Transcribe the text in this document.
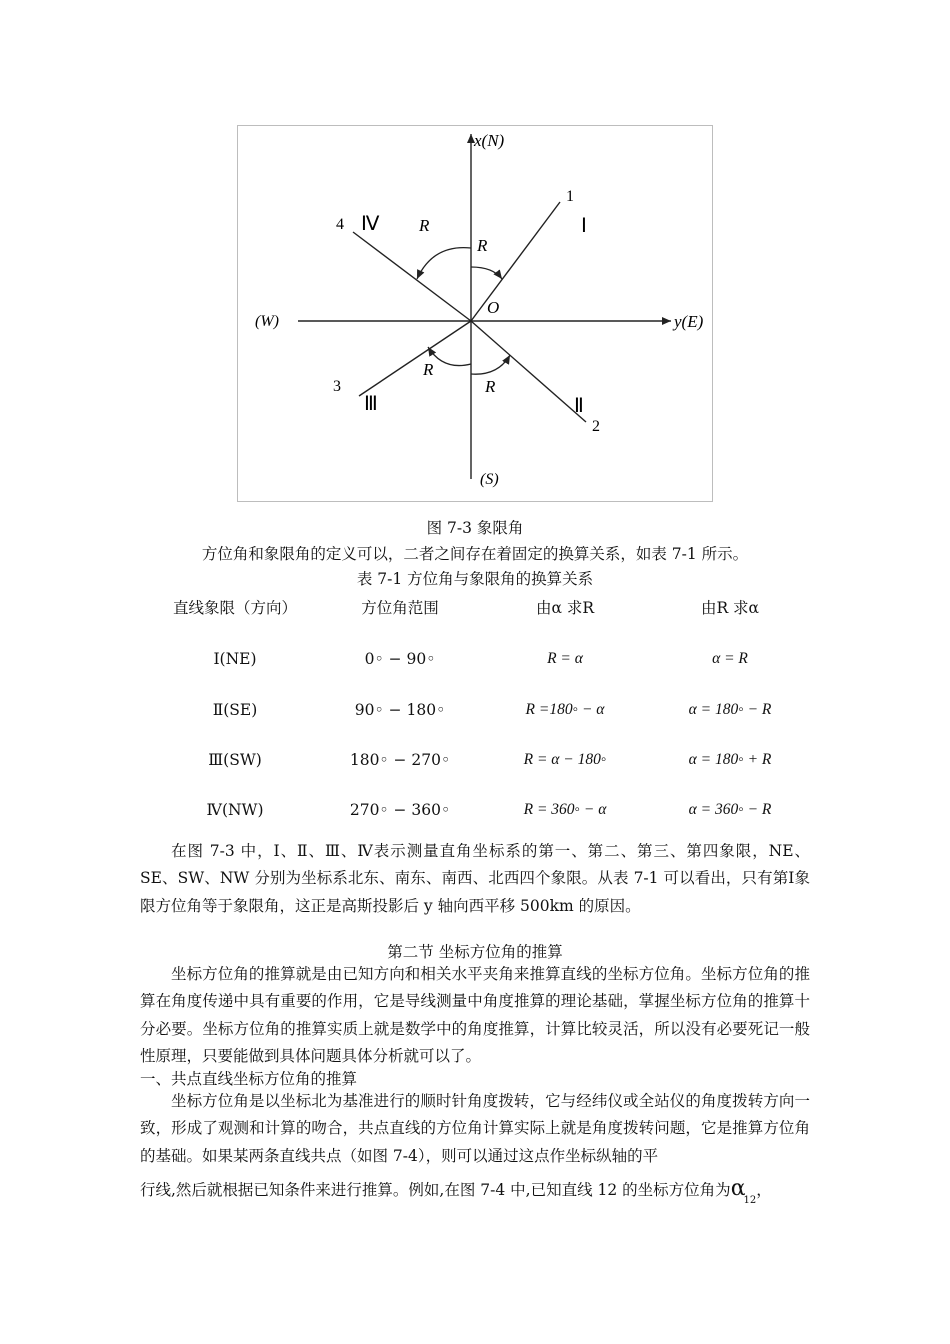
x(N)
y(E)
(W)
(S)
O
R
R
R
R
1
2
3
4	Ⅰ
Ⅱ
Ⅲ
Ⅳ
图 7-3 象限角
方位角和象限角的定义可以，二者之间存在着固定的换算关系，如表 7-1 所示。
表 7-1 方位角与象限角的换算关系
直线象限（方向）	方位角范围	由α 求R	由R 求α
Ⅰ(NE)	0◦ − 90◦	R = α	α = R
Ⅱ(SE)	90◦ − 180◦	R =180◦ − α	α = 180◦ − R
Ⅲ(SW)	180◦ − 270◦	R = α − 180◦	α = 180◦ + R
Ⅳ(NW)	270◦ − 360◦	R = 360◦ − α	α = 360◦ − R
在图 7-3 中，Ⅰ、Ⅱ、Ⅲ、Ⅳ表示测量直角坐标系的第一、第二、第三、第四象限，NE、SE、SW、NW 分别为坐标系北东、南东、南西、北西四个象限。从表 7-1 可以看出，只有第Ⅰ象限方位角等于象限角，这正是高斯投影后 y 轴向西平移 500km 的原因。
第二节 坐标方位角的推算
坐标方位角的推算就是由已知方向和相关水平夹角来推算直线的坐标方位角。坐标方位角的推算在角度传递中具有重要的作用，它是导线测量中角度推算的理论基础，掌握坐标方位角的推算十分必要。坐标方位角的推算实质上就是数学中的角度推算，计算比较灵活，所以没有必要死记一般性原理，只要能做到具体问题具体分析就可以了。
一、共点直线坐标方位角的推算
坐标方位角是以坐标北为基准进行的顺时针角度拨转，它与经纬仪或全站仪的角度拨转方向一致，形成了观测和计算的吻合，共点直线的方位角计算实际上就是角度拨转问题，它是推算方位角的基础。如果某两条直线共点（如图 7-4），则可以通过这点作坐标纵轴的平
行线,然后就根据已知条件来进行推算。例如,在图 7-4 中,已知直线 12 的坐标方位角为$\alpha_{12}$，
